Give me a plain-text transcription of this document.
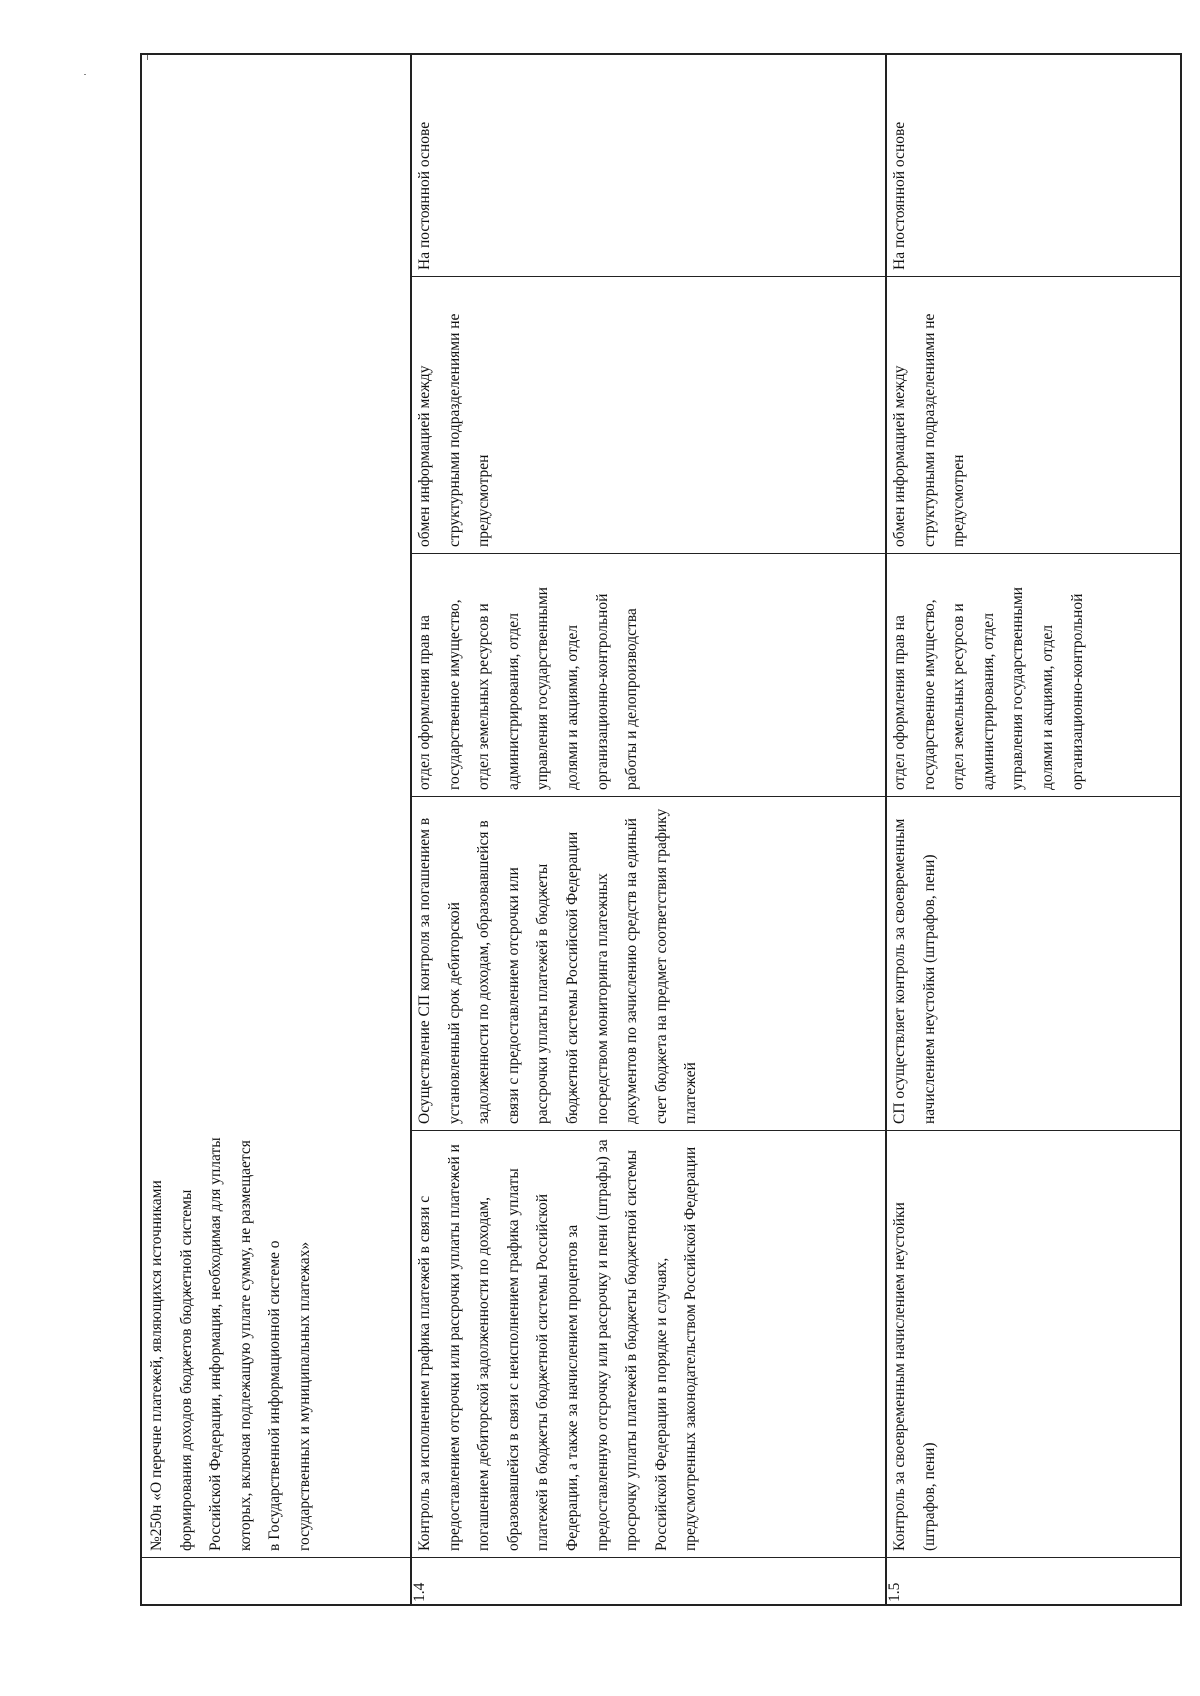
№250н «О перечне платежей, являющихся источниками формирования доходов бюджетов бюджетной системы Российской Федерации, информация, необходимая для уплаты которых, включая подлежащую уплате сумму, не размещается в Государственной информационной системе о государственных и муниципальных платежах»
1.4
Контроль за исполнением графика платежей в связи с предоставлением отсрочки или рассрочки уплаты платежей и погашением дебиторской задолженности по доходам, образовавшейся в связи с неисполнением графика уплаты платежей в бюджеты бюджетной системы Российской Федерации, а также за начислением процентов за предоставленную отсрочку или рассрочку и пени (штрафы) за просрочку уплаты платежей в бюджеты бюджетной системы Российской Федерации в порядке и случаях, предусмотренных законодательством Российской Федерации
Осуществление СП контроля за погашением в установленный срок дебиторской задолженности по доходам, образовавшейся в связи с предоставлением отсрочки или рассрочки уплаты платежей в бюджеты бюджетной системы Российской Федерации посредством мониторинга платежных документов по зачислению средств на единый счет бюджета на предмет соответствия графику платежей
отдел оформления прав на государственное имущество, отдел земельных ресурсов и администрирования, отдел управления государственными долями и акциями, отдел организационно-контрольной работы и делопроизводства
обмен информацией между структурными подразделениями не предусмотрен
На постоянной основе
1.5
Контроль за своевременным начислением неустойки (штрафов, пени)
СП осуществляет контроль за своевременным начислением неустойки (штрафов, пени)
отдел оформления прав на государственное имущество, отдел земельных ресурсов и администрирования, отдел управления государственными долями и акциями, отдел организационно-контрольной
обмен информацией между структурными подразделениями не предусмотрен
На постоянной основе
